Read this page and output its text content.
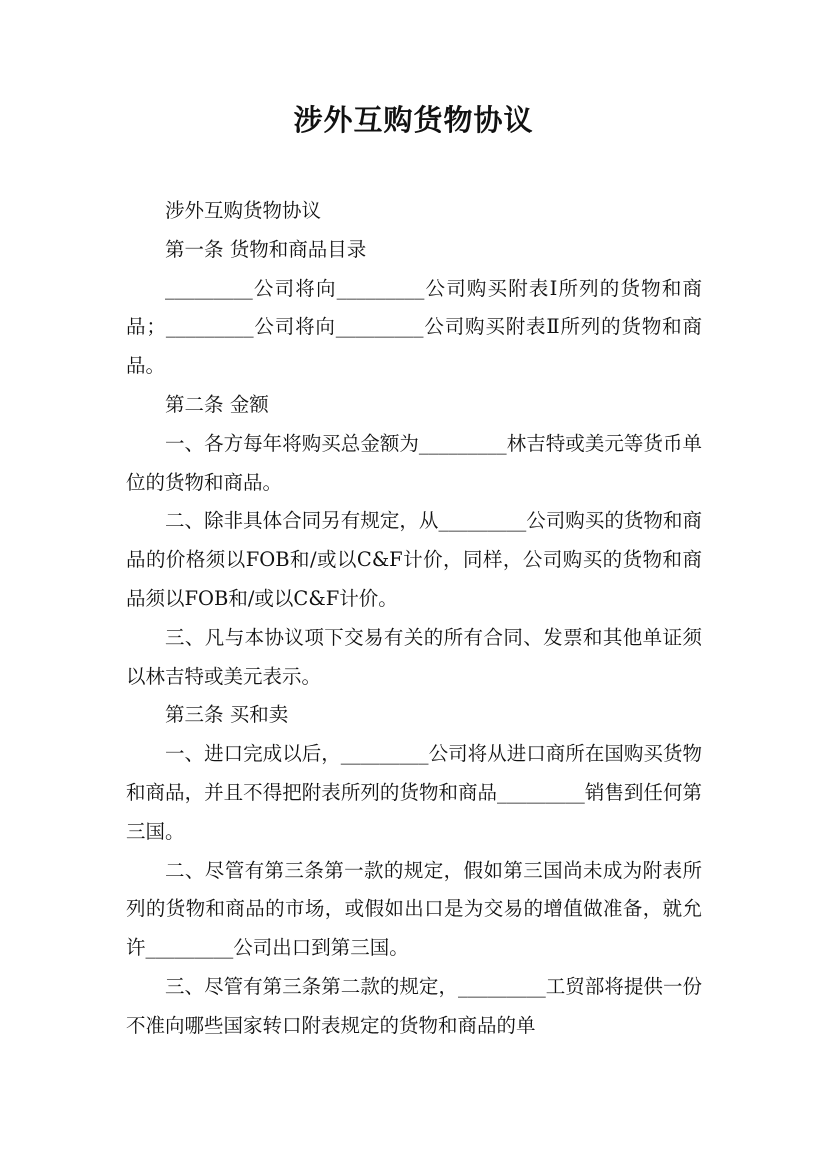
涉外互购货物协议

涉外互购货物协议

第一条 货物和商品目录

_________公司将向_________公司购买附表Ⅰ所列的货物和商品；_________公司将向_________公司购买附表Ⅱ所列的货物和商品。

第二条 金额

一、各方每年将购买总金额为_________林吉特或美元等货币单位的货物和商品。

二、除非具体合同另有规定，从_________公司购买的货物和商品的价格须以FOB和/或以C&F计价，同样，公司购买的货物和商品须以FOB和/或以C&F计价。

三、凡与本协议项下交易有关的所有合同、发票和其他单证须以林吉特或美元表示。

第三条 买和卖

一、进口完成以后，_________公司将从进口商所在国购买货物和商品，并且不得把附表所列的货物和商品_________销售到任何第三国。

二、尽管有第三条第一款的规定，假如第三国尚未成为附表所列的货物和商品的市场，或假如出口是为交易的增值做准备，就允许_________公司出口到第三国。

三、尽管有第三条第二款的规定，_________工贸部将提供一份不准向哪些国家转口附表规定的货物和商品的单
